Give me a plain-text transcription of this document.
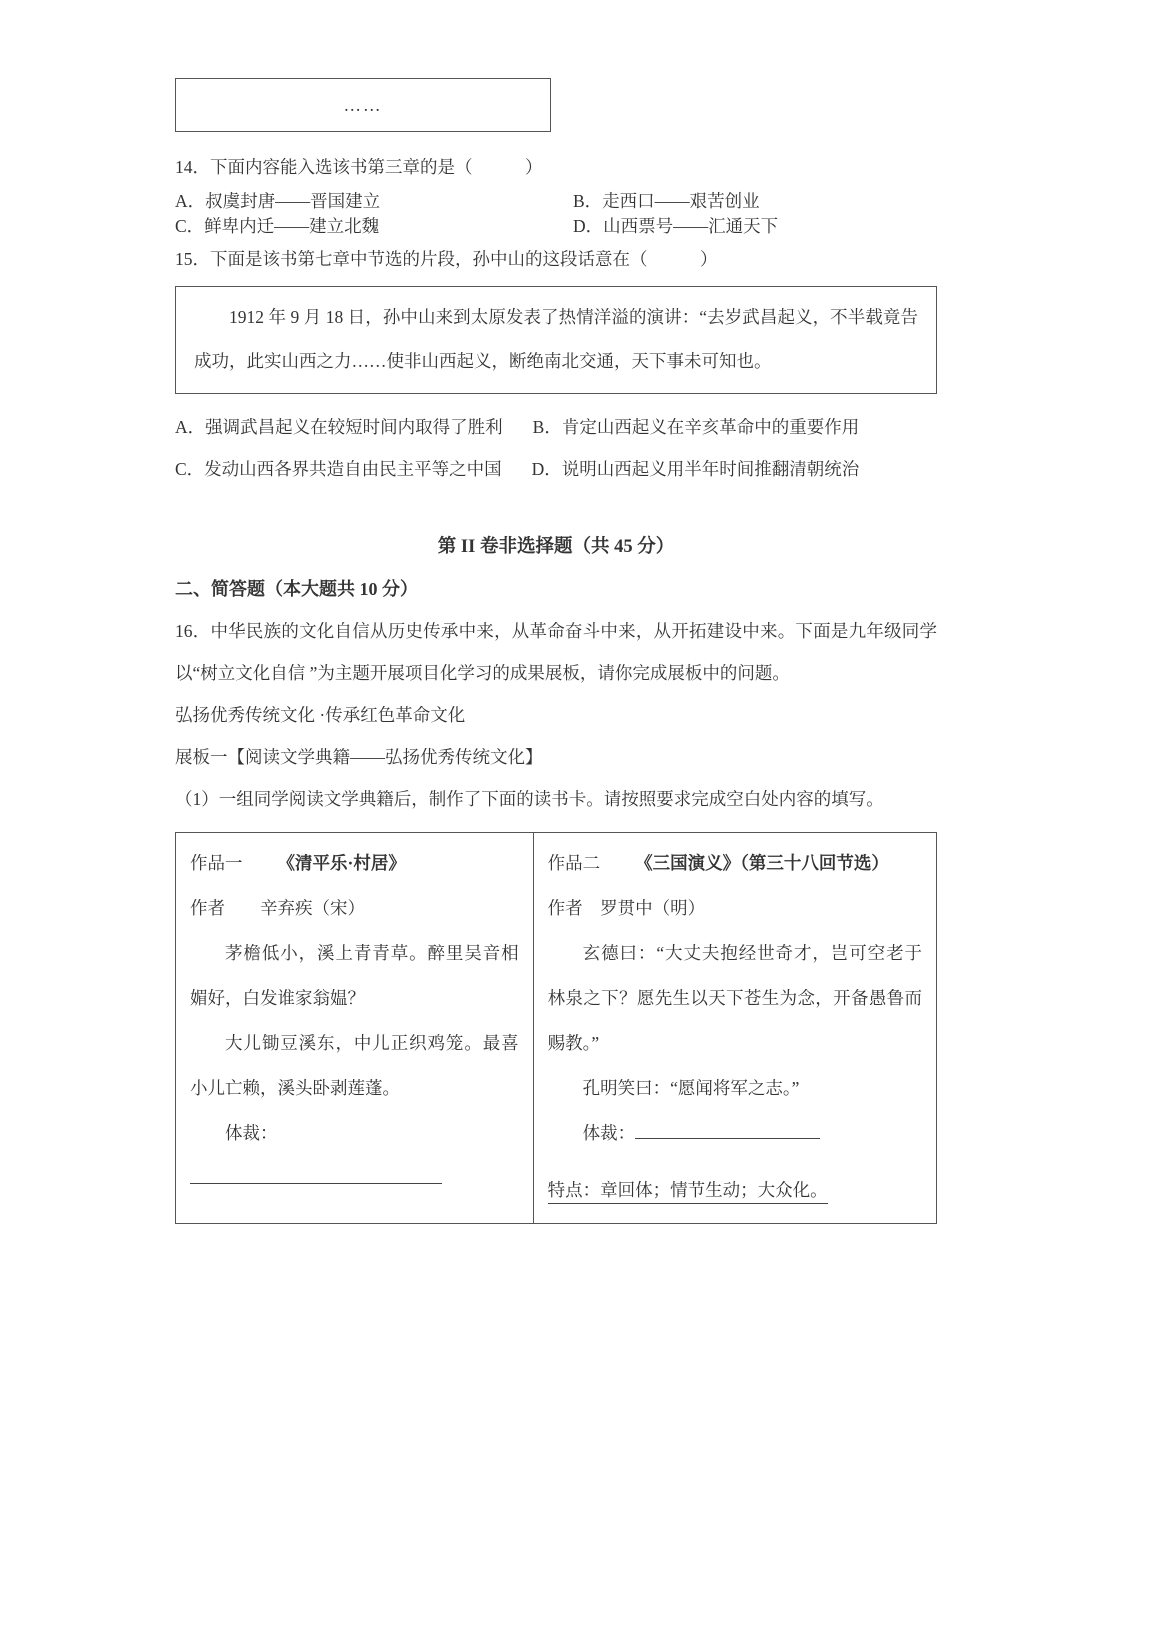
……

14．下面内容能入选该书第三章的是（　　　）

A．叔虞封唐——晋国建立	B．走西口——艰苦创业
C．鲜卑内迁——建立北魏	D．山西票号——汇通天下

15．下面是该书第七章中节选的片段，孙中山的这段话意在（　　　）

1912 年 9 月 18 日，孙中山来到太原发表了热情洋溢的演讲：“去岁武昌起义，不半载竟告成功，此实山西之力……使非山西起义，断绝南北交通，天下事未可知也。

A．强调武昌起义在较短时间内取得了胜利 B．肯定山西起义在辛亥革命中的重要作用

C．发动山西各界共造自由民主平等之中国 D．说明山西起义用半年时间推翻清朝统治

第 II 卷非选择题（共 45 分）

二、简答题（本大题共 10 分）

16．中华民族的文化自信从历史传承中来，从革命奋斗中来，从开拓建设中来。下面是九年级同学以“树立文化自信 ”为主题开展项目化学习的成果展板，请你完成展板中的问题。

弘扬优秀传统文化 ·传承红色革命文化

展板一【阅读文学典籍——弘扬优秀传统文化】

（1）一组同学阅读文学典籍后，制作了下面的读书卡。请按照要求完成空白处内容的填写。

作品一 《清平乐·村居》

作者　　辛弃疾（宋）

茅檐低小，溪上青青草。醉里吴音相媚好，白发谁家翁媪？

大儿锄豆溪东，中儿正织鸡笼。最喜小儿亡赖，溪头卧剥莲蓬。

体裁：

作品二 《三国演义》（第三十八回节选）

作者　罗贯中（明）

玄德曰：“大丈夫抱经世奇才，岂可空老于林泉之下？愿先生以天下苍生为念，开备愚鲁而赐教。”

孔明笑曰：“愿闻将军之志。”

体裁：

特点：章回体；情节生动；大众化。
